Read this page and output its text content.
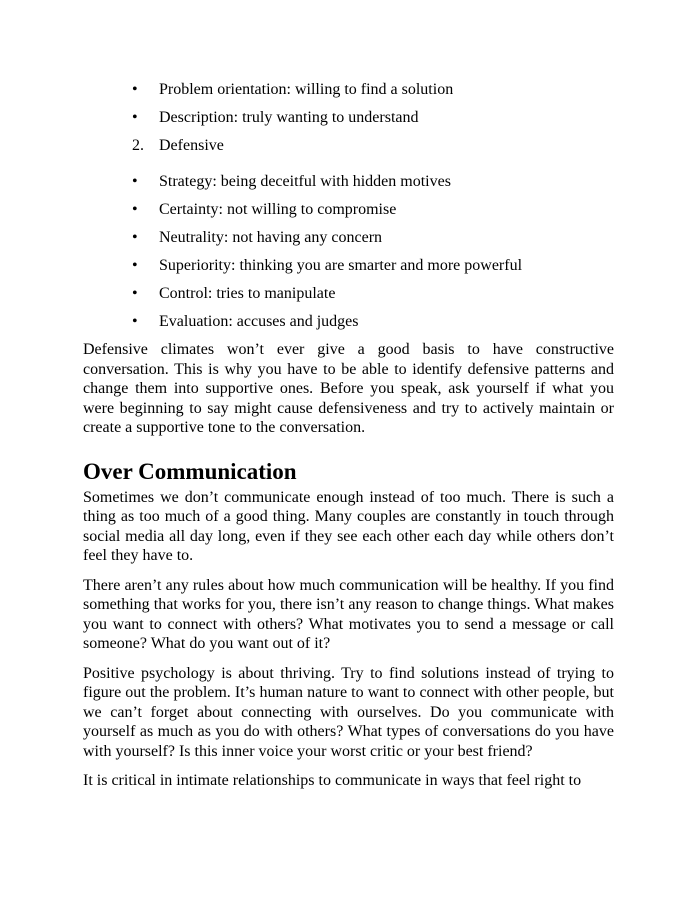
• Problem orientation: willing to find a solution
• Description: truly wanting to understand
2. Defensive
• Strategy: being deceitful with hidden motives
• Certainty: not willing to compromise
• Neutrality: not having any concern
• Superiority: thinking you are smarter and more powerful
• Control: tries to manipulate
• Evaluation: accuses and judges

Defensive climates won’t ever give a good basis to have constructive conversation. This is why you have to be able to identify defensive patterns and change them into supportive ones. Before you speak, ask yourself if what you were beginning to say might cause defensiveness and try to actively maintain or create a supportive tone to the conversation.

Over Communication

Sometimes we don’t communicate enough instead of too much. There is such a thing as too much of a good thing. Many couples are constantly in touch through social media all day long, even if they see each other each day while others don’t feel they have to.

There aren’t any rules about how much communication will be healthy. If you find something that works for you, there isn’t any reason to change things. What makes you want to connect with others? What motivates you to send a message or call someone? What do you want out of it?

Positive psychology is about thriving. Try to find solutions instead of trying to figure out the problem. It’s human nature to want to connect with other people, but we can’t forget about connecting with ourselves. Do you communicate with yourself as much as you do with others? What types of conversations do you have with yourself? Is this inner voice your worst critic or your best friend?

It is critical in intimate relationships to communicate in ways that feel right to
